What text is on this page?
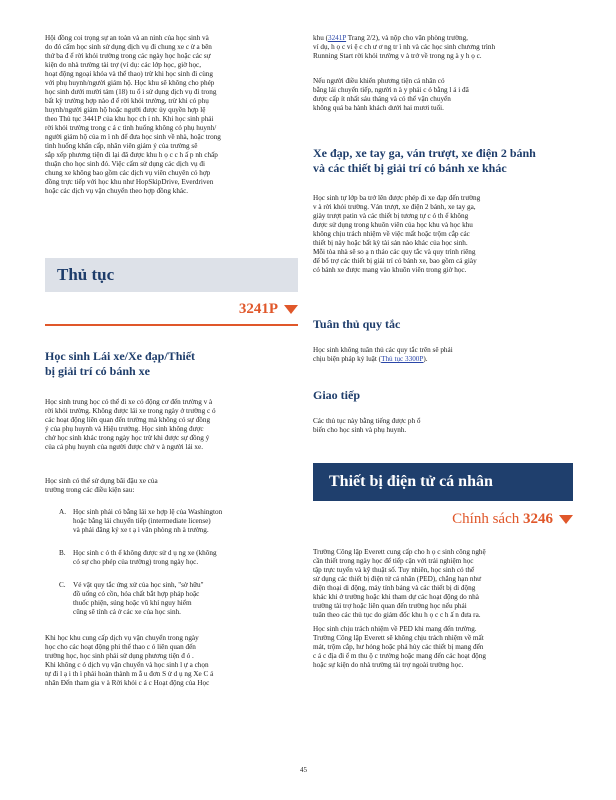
Hội đồng coi trọng sự an toàn và an ninh của học sinh và
do đó cấm học sinh sử dụng dịch vụ đi chung xe c ừ a bên
thứ ba đ ể rời khỏi trường trong các ngày học hoặc các sự
kiện do nhà trường tài trợ (ví dụ: các lớp học, giờ học,
hoạt động ngoại khóa và thể thao) trừ khi học sinh đi cùng
với phụ huynh/người giám hộ. Học khu sẽ không cho phép
học sinh dưới mười tám (18) tu ổ i sử dụng dịch vụ đi trong
bất kỳ trường hợp nào đ ể rời khỏi trường, trừ khi có phụ
huynh/người giám hộ hoặc người được ủy quyền hợp lệ
theo Thủ tục 3441P của khu học ch ỉ nh. Khi học sinh phải
rời khỏi trường trong c á c tình huống không có phụ huynh/
người giám hộ của m ì nh để đưa học sinh về nhà, hoặc trong
tình huống khẩn cấp, nhân viên giám ý của trường sẽ
sắp xếp phương tiện đi lại đã được khu h ọ c c h ấ p nh chấp
thuận cho học sinh đó. Việc cấm sử dụng các dịch vụ đi
chung xe không bao gồm các dịch vụ viên chuyên có hợp
đồng trực tiếp với học khu như HopSkipDrive, Everdriven
hoặc các dịch vụ vận chuyển theo hợp đồng khác.

Thủ tục
3241P
Học sinh Lái xe/Xe đạp/Thiết
bị giải trí có bánh xe

Học sinh trung học có thể đi xe có động cơ đến trường v à
rời khỏi trường. Không được lái xe trong ngày ở trường c ó
các hoạt động liên quan đến trường mà không có sự đồng
ý của phụ huynh và Hiệu trưởng. Học sinh không được
chở học sinh khác trong ngày học trừ khi được sự đồng ý
của cả phụ huynh của người được chở v à người lái xe.

Học sinh có thể sử dụng bãi đậu xe của
trường trong các điều kiện sau:

A. Học sinh phải có bằng lái xe hợp lệ của Washington
hoặc bằng lái chuyển tiếp (intermediate license)
và phải đăng ký xe t ạ i văn phòng nh à trường.
B. Học sinh c ó th ể không được sử d ụ ng xe (không
có sự cho phép của trường) trong ngày học.
C. Vé vật quy tắc ứng xử của học sinh, "sờ hữu"
đồ uống có cồn, hóa chất bắt hợp pháp hoặc
thuốc phiện, súng hoặc vũ khí nguy hiểm
cũng sẽ tính cả ở các xe của học sinh.

Khi học khu cung cấp dịch vụ vận chuyển trong ngày
học cho các hoạt động phi thể thao c ó liên quan đến
trường học, học sinh phải sử dụng phương tiện đ ó .
Khi không c ó dịch vụ vận chuyển và học sinh l ự a chọn
tự đi l ạ i th ì phải hoàn thành m ẫ u đơn S ử d ụ ng Xe C á
nhân Đến tham gia v à Rời khỏi c á c Hoạt động của Học

khu (3241P Trang 2/2), và nộp cho văn phòng trường,
ví dụ, h ọ c vi ệ c ch ư ơ ng tr ì nh và các học sinh chương trình
Running Start rời khỏi trường v à trở về trong ng à y h ọ c.

Nếu người điều khiển phương tiện cá nhân có
bằng lái chuyển tiếp, người n à y phải c ó bằng l á i đã
được cấp ít nhất sáu tháng và có thể vận chuyển
không quá ba hành khách dưới hai mươi tuổi.

Xe đạp, xe tay ga, ván trượt, xe điện 2 bánh
và các thiết bị giải trí có bánh xe khác

Học sinh tự lớp ba trở lên được phép đi xe đạp đến trường
v à rời khỏi trường. Ván trượt, xe điện 2 bánh, xe tay ga,
giày trượt patin và các thiết bị tương tự c ó th ể không
được sử dụng trong khuôn viên của học khu và học khu
không chịu trách nhiệm về việc mất hoặc trộm cắp các
thiết bị này hoặc bất kỳ tài sản nào khác của học sinh.
Mỗi tòa nhà sẽ so ạ n thảo các quy tắc và quy trình riêng
để bổ trợ các thiết bị giải trí có bánh xe, bao gồm cả giày
có bánh xe được mang vào khuôn viên trong giờ học.

Tuân thủ quy tắc

Học sinh không tuân thủ các quy tắc trên sẽ phải
chịu biện pháp kỷ luật (Thủ tục 3300P).

Giao tiếp

Các thủ tục này bằng tiếng được ph ổ
biến cho học sinh và phụ huynh.

Thiết bị điện tử cá nhân
Chính sách 3246

Trường Công lập Everett cung cấp cho h ọ c sinh công nghệ
cần thiết trong ngày học để tiếp cận với trải nghiệm học
tập trực tuyến và kỹ thuật số. Tuy nhiên, học sinh có thể
sử dụng các thiết bị điện tử cá nhân (PED), chẳng hạn như
điện thoại di động, máy tính bảng và các thiết bị di động
khác khi ở trường hoặc khi tham dự các hoạt động do nhà
trường tài trợ hoặc liên quan đến trường học nếu phải
tuân theo các thủ tục do giám đốc khu h ọ c c h ấ n đưa ra.

Học sinh chịu trách nhiệm về PED khi mang đến trường.
Trường Công lập Everett sẽ không chịu trách nhiệm về mất
mát, trộm cắp, hư hỏng hoặc phá hủy các thiết bị mang đến
c á c địa đi ể m thu ộ c trường hoặc mang đến các hoạt động
hoặc sự kiện do nhà trường tài trợ ngoài trường học.

45
